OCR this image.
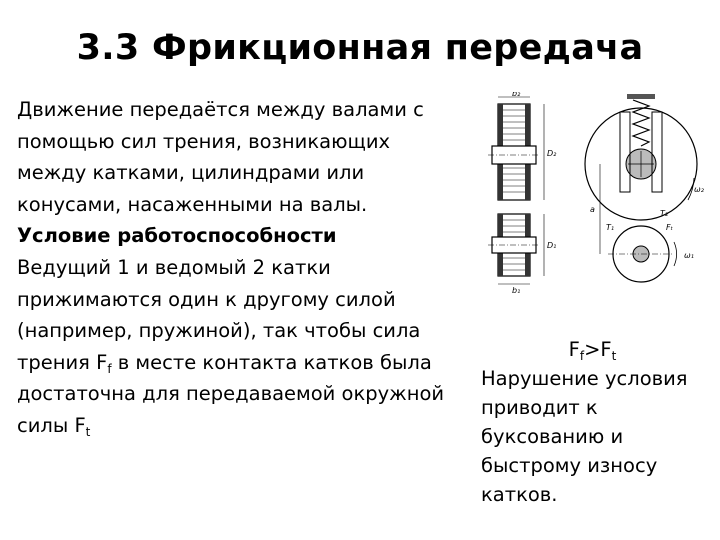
3.3 Фрикционная передача
Движение передаётся между валами с
помощью сил трения, возникающих
между катками, цилиндрами или
конусами, насаженными на валы.
Условие работоспособности
Ведущий 1 и ведомый 2 катки
прижимаются один к другому силой
(например, пружиной), так чтобы сила
трения $F_f$ в месте контакта катков была
достаточна для передаваемой окружной
силы $F_t$
b₂
b₁
D₂
D₁
a	T₂
Fₜ
T₁
ω₂
ω₁
$F_f>F_t$
Нарушение условия
приводит к
буксованию и
быстрому износу
катков.
